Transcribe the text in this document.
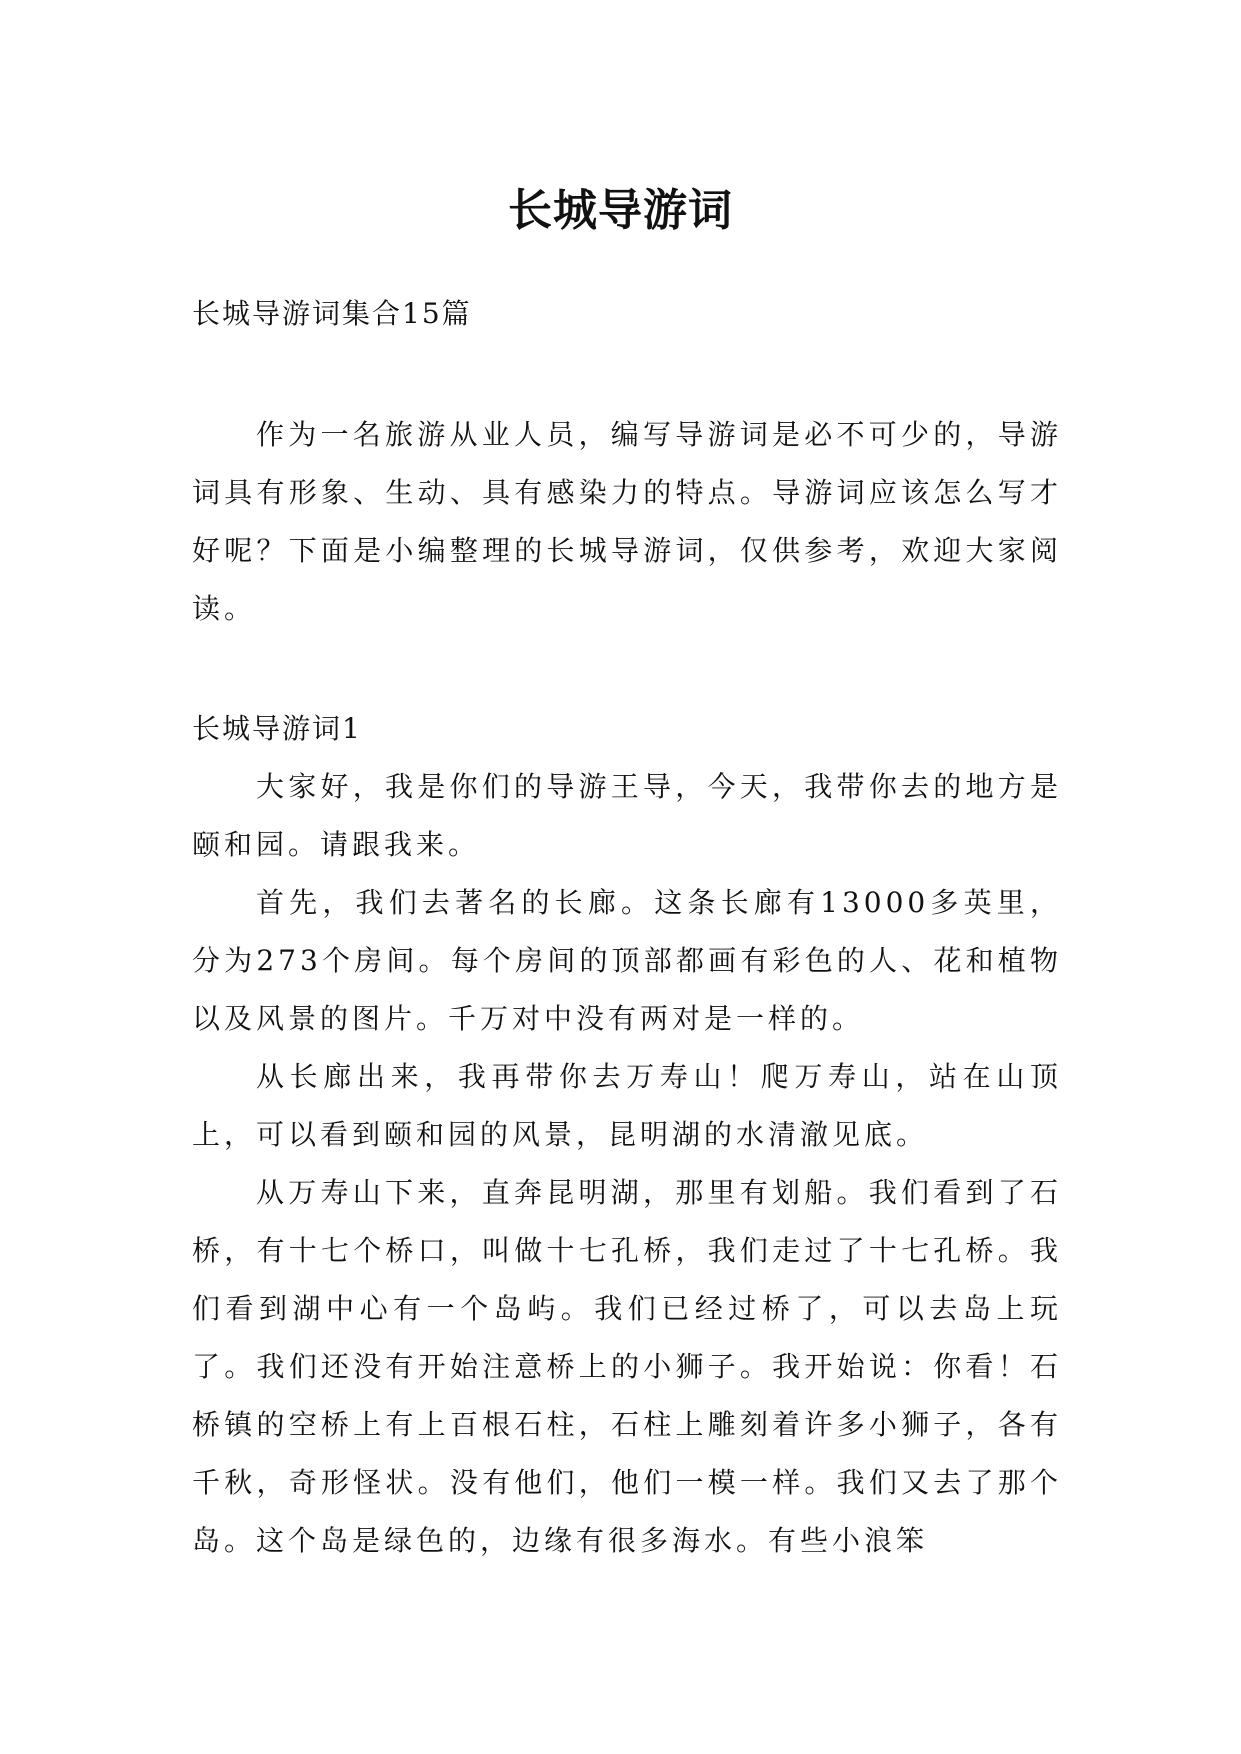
长城导游词
长城导游词集合15篇

作为一名旅游从业人员，编写导游词是必不可少的，导游词具有形象、生动、具有感染力的特点。导游词应该怎么写才好呢？下面是小编整理的长城导游词，仅供参考，欢迎大家阅读。

长城导游词1

大家好，我是你们的导游王导，今天，我带你去的地方是颐和园。请跟我来。

首先，我们去著名的长廊。这条长廊有13000多英里，分为273个房间。每个房间的顶部都画有彩色的人、花和植物以及风景的图片。千万对中没有两对是一样的。

从长廊出来，我再带你去万寿山！爬万寿山，站在山顶上，可以看到颐和园的风景，昆明湖的水清澈见底。

从万寿山下来，直奔昆明湖，那里有划船。我们看到了石桥，有十七个桥口，叫做十七孔桥，我们走过了十七孔桥。我们看到湖中心有一个岛屿。我们已经过桥了，可以去岛上玩了。我们还没有开始注意桥上的小狮子。我开始说：你看！石桥镇的空桥上有上百根石柱，石柱上雕刻着许多小狮子，各有千秋，奇形怪状。没有他们，他们一模一样。我们又去了那个岛。这个岛是绿色的，边缘有很多海水。有些小浪笨
